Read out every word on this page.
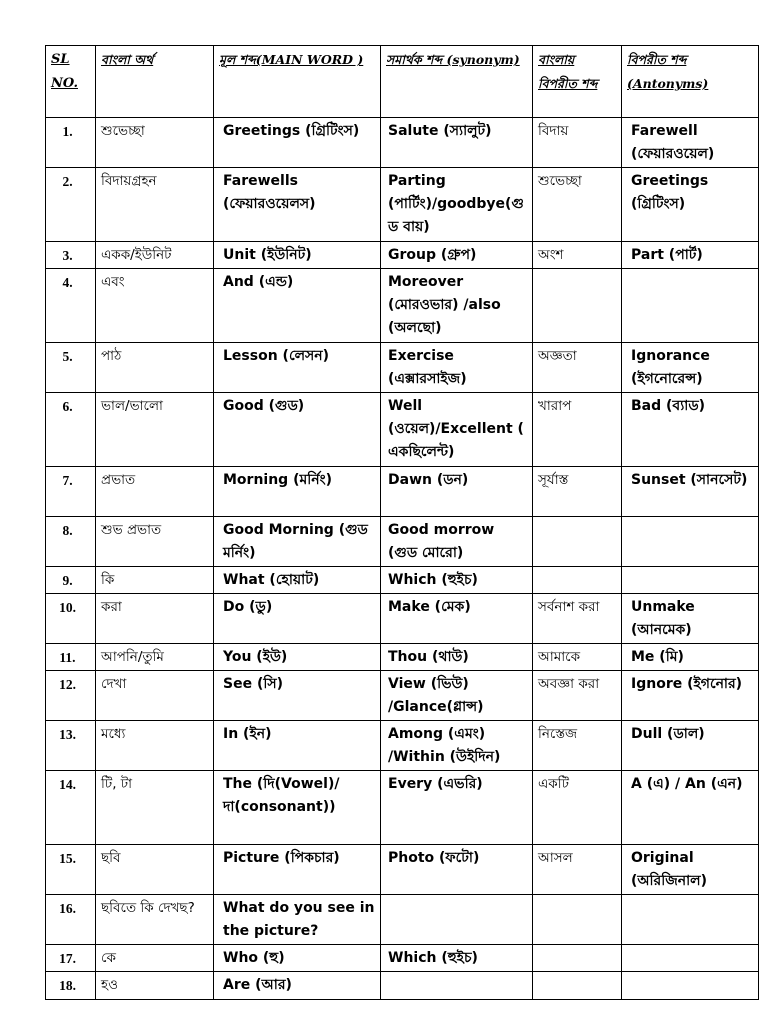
SL NO.	বাংলা অর্থ	মূল শব্দ(MAIN WORD )	সমার্থক শব্দ (synonym)	বাংলায় বিপরীত শব্দ	বিপরীত শব্দ (Antonyms)
1.	শুভেচ্ছা	Greetings (গ্রিটিংস)	Salute (স্যালুট)	বিদায়	Farewell (ফেয়ারওয়েল)
2.	বিদায়গ্রহন	Farewells (ফেয়ারওয়েলস)	Parting (পার্টিং)/goodbye(গুড বায়)	শুভেচ্ছা	Greetings (গ্রিটিংস)
3.	একক/ইউনিট	Unit (ইউনিট)	Group (গ্রুপ)	অংশ	Part (পার্ট)
4.	এবং	And (এন্ড)	Moreover (মোরওভার) /also (অলছো)		
5.	পাঠ	Lesson (লেসন)	Exercise (এক্সারসাইজ)	অজ্ঞতা	Ignorance (ইগনোরেন্স)
6.	ভাল/ভালো	Good (গুড)	Well (ওয়েল)/Excellent ( একছিলেন্ট)	খারাপ	Bad (ব্যাড)
7.	প্রভাত	Morning (মর্নিং)	Dawn (ডন)	সূর্যাস্ত	Sunset (সানসেট)
8.	শুভ প্রভাত	Good Morning (গুড মর্নিং)	Good morrow (গুড মোরো)		
9.	কি	What (হোয়াট)	Which (হুইচ)		
10.	করা	Do (ডু)	Make (মেক)	সর্বনাশ করা	Unmake (আনমেক)
11.	আপনি/তুমি	You (ইউ)	Thou (থাউ)	আমাকে	Me (মি)
12.	দেখা	See (সি)	View (ভিউ) /Glance(গ্লান্স)	অবজ্ঞা করা	Ignore (ইগনোর)
13.	মধ্যে	In (ইন)	Among (এমং) /Within (উইদিন)	নিস্তেজ	Dull (ডাল)
14.	টি, টা	The (দি(Vowel)/দা(consonant))	Every (এভরি)	একটি	A (এ) / An (এন)
15.	ছবি	Picture (পিকচার)	Photo (ফটো)	আসল	Original (অরিজিনাল)
16.	ছবিতে কি দেখছ?	What do you see in the picture?			
17.	কে	Who (হু)	Which (হুইচ)		
18.	হও	Are (আর)			
